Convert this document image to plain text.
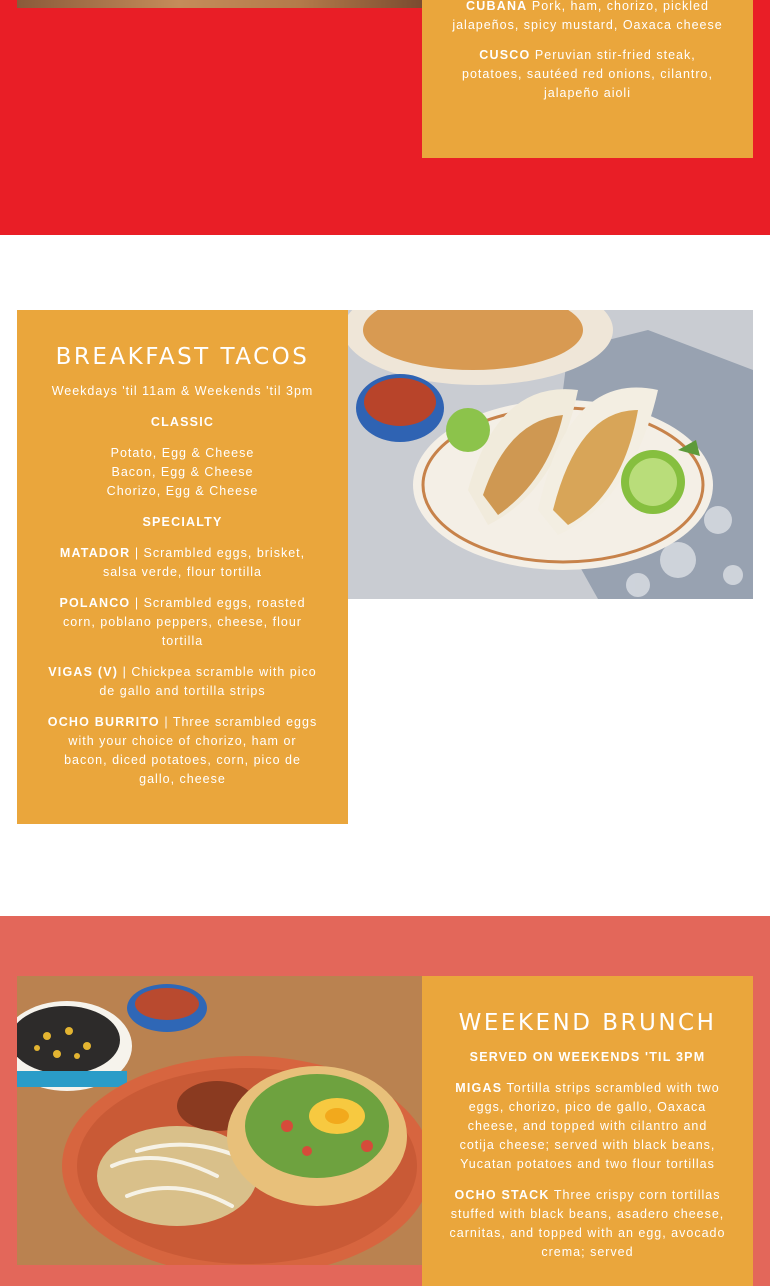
CUBANA Pork, ham, chorizo, pickled jalapeños, spicy mustard, Oaxaca cheese

CUSCO Peruvian stir-fried steak, potatoes, sautéed red onions, cilantro, jalapeño aioli

BREAKFAST TACOS

Weekdays 'til 11am & Weekends 'til 3pm

CLASSIC

Potato, Egg & Cheese

Bacon, Egg & Cheese

Chorizo, Egg & Cheese

SPECIALTY

MATADOR | Scrambled eggs, brisket, salsa verde, flour tortilla

POLANCO | Scrambled eggs, roasted corn, poblano peppers, cheese, flour tortilla

VIGAS (V) | Chickpea scramble with pico de gallo and tortilla strips

OCHO BURRITO | Three scrambled eggs with your choice of chorizo, ham or bacon, diced potatoes, corn, pico de gallo, cheese

WEEKEND BRUNCH

SERVED ON WEEKENDS 'TIL 3PM

MIGAS Tortilla strips scrambled with two eggs, chorizo, pico de gallo, Oaxaca cheese, and topped with cilantro and cotija cheese; served with black beans, Yucatan potatoes and two flour tortillas

OCHO STACK Three crispy corn tortillas stuffed with black beans, asadero cheese, carnitas, and topped with an egg, avocado crema; served
